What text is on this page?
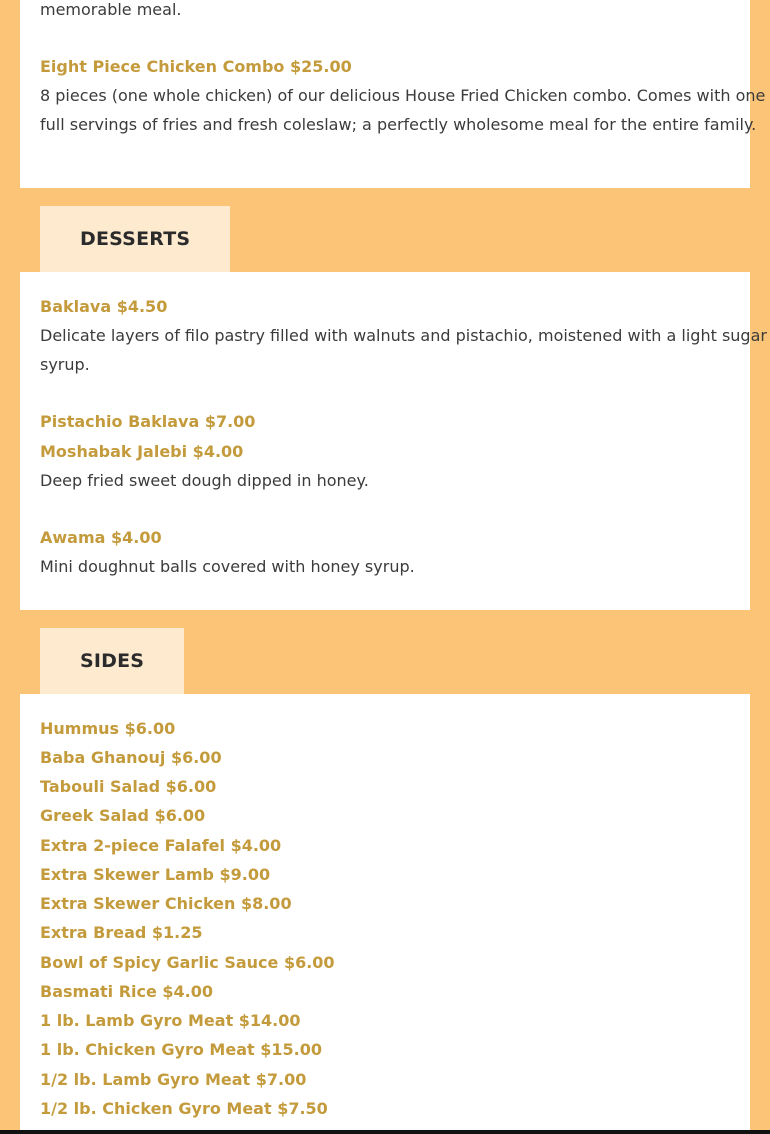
memorable meal.
Eight Piece Chicken Combo $25.00
8 pieces (one whole chicken) of our delicious House Fried Chicken combo. Comes with one
full servings of fries and fresh coleslaw; a perfectly wholesome meal for the entire family.
DESSERTS
Baklava $4.50
Delicate layers of filo pastry filled with walnuts and pistachio, moistened with a light sugar
syrup.
Pistachio Baklava $7.00
Moshabak Jalebi $4.00
Deep fried sweet dough dipped in honey.
Awama $4.00
Mini doughnut balls covered with honey syrup.
SIDES
Hummus $6.00
Baba Ghanouj $6.00
Tabouli Salad $6.00
Greek Salad $6.00
Extra 2-piece Falafel $4.00
Extra Skewer Lamb $9.00
Extra Skewer Chicken $8.00
Extra Bread $1.25
Bowl of Spicy Garlic Sauce $6.00
Basmati Rice $4.00
1 lb. Lamb Gyro Meat $14.00
1 lb. Chicken Gyro Meat $15.00
1/2 lb. Lamb Gyro Meat $7.00
1/2 lb. Chicken Gyro Meat $7.50
